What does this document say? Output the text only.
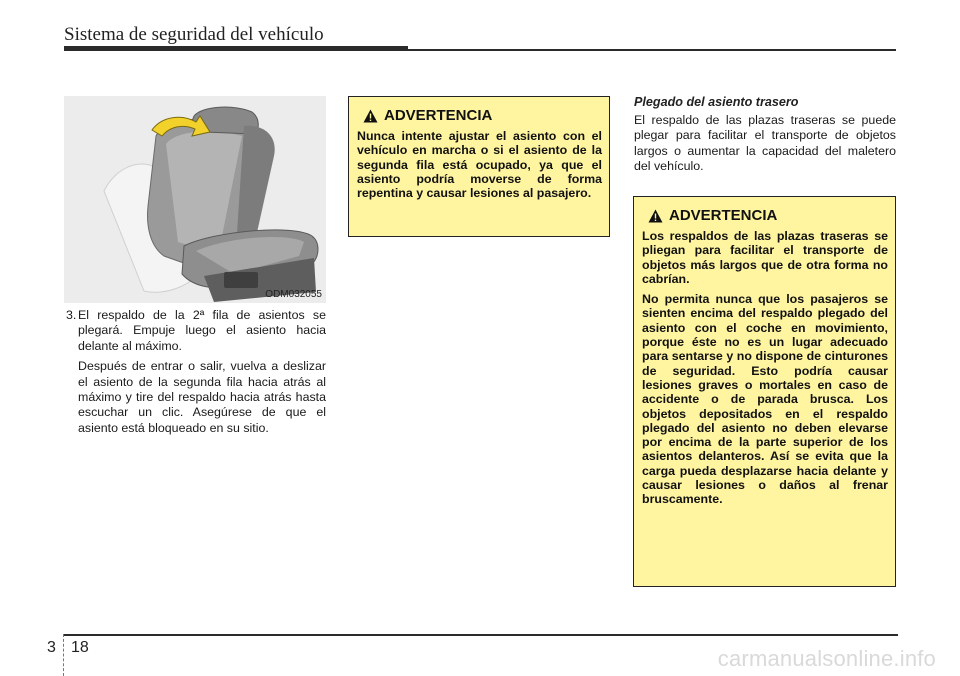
Sistema de seguridad del vehículo
ODM032055
3. El respaldo de la 2ª fila de asientos se plegará. Empuje luego el asiento hacia delante al máximo.

Después de entrar o salir, vuelva a deslizar el asiento de la segunda fila hacia atrás al máximo y tire del respaldo hacia atrás hasta escuchar un clic. Asegúrese de que el asiento está bloqueado en su sitio.

ADVERTENCIA

Nunca intente ajustar el asiento con el vehículo en marcha o si el asiento de la segunda fila está ocupado, ya que el asiento podría moverse de forma repentina y causar lesiones al pasajero.

Plegado del asiento trasero

El respaldo de las plazas traseras se puede plegar para facilitar el transporte de objetos largos o aumentar la capacidad del maletero del vehículo.

ADVERTENCIA

Los respaldos de las plazas traseras se pliegan para facilitar el transporte de objetos más largos que de otra forma no cabrían.

No permita nunca que los pasajeros se sienten encima del respaldo plegado del asiento con el coche en movimiento, porque éste no es un lugar adecuado para sentarse y no dispone de cinturones de seguridad. Esto podría causar lesiones graves o mortales en caso de accidente o de parada brusca. Los objetos depositados en el respaldo plegado del asiento no deben elevarse por encima de la parte superior de los asientos delanteros. Así se evita que la carga pueda desplazarse hacia delante y causar lesiones o daños al frenar bruscamente.

3 18	carmanualsonline.info
